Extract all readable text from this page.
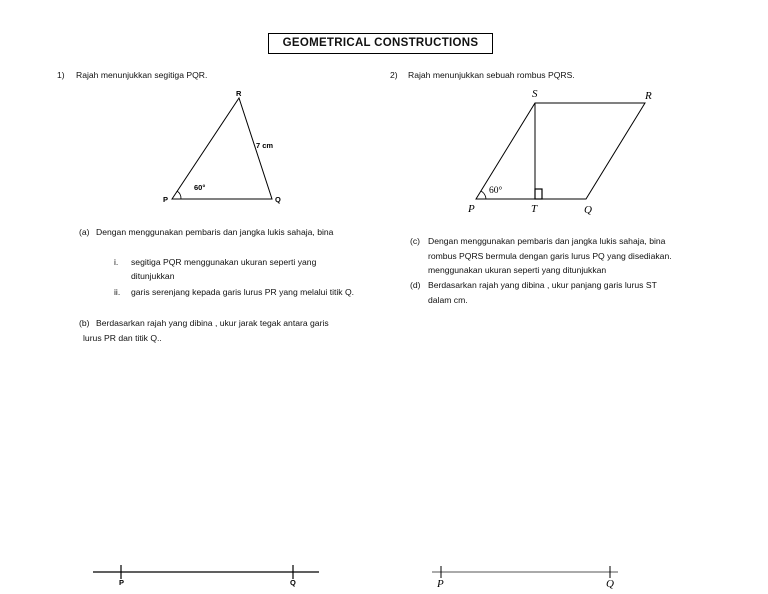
GEOMETRICAL CONSTRUCTIONS
1) Rajah menunjukkan segitiga PQR.
R
P	Q
7 cm
60°
(a) Dengan menggunakan pembaris dan jangka lukis sahaja, bina
i. segitiga PQR menggunakan ukuran seperti yang
ditunjukkan
ii. garis serenjang kepada garis lurus PR yang melalui titik Q.
(b) Berdasarkan rajah yang dibina , ukur jarak tegak antara garis
lurus PR dan titik Q..
2) Rajah menunjukkan sebuah rombus PQRS.
S	R
P	T	Q
60°
(c) Dengan menggunakan pembaris dan jangka lukis sahaja, bina
rombus PQRS bermula dengan garis lurus PQ yang disediakan.
menggunakan ukuran seperti yang ditunjukkan
(d) Berdasarkan rajah yang dibina , ukur panjang garis lurus ST
dalam cm.
P	Q	P	Q
